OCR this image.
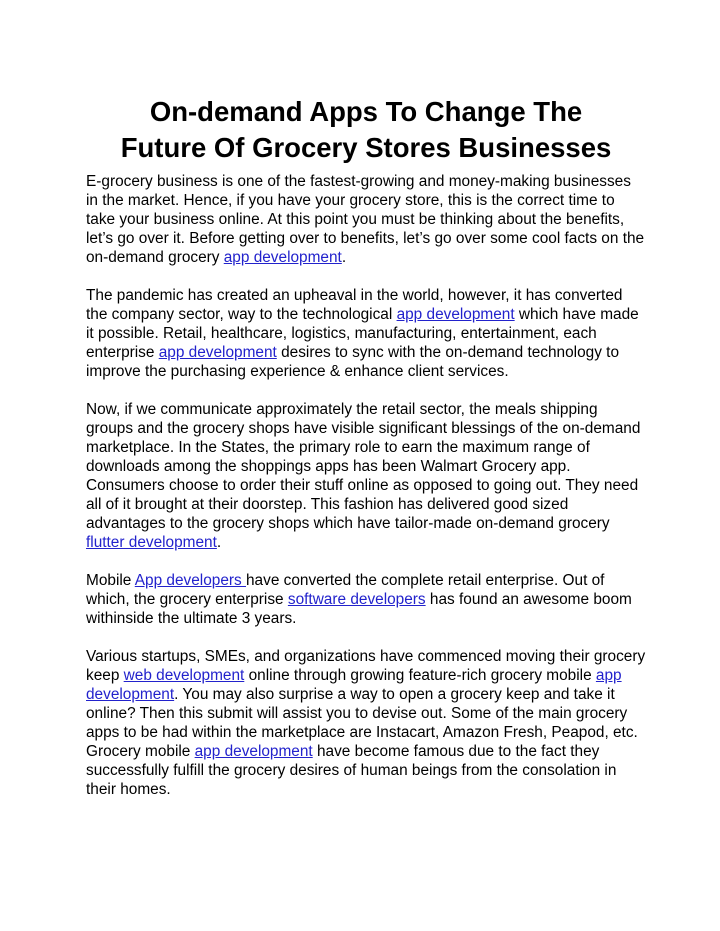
On-demand Apps To Change The
Future Of Grocery Stores Businesses

E-grocery business is one of the fastest-growing and money-making businesses in the market. Hence, if you have your grocery store, this is the correct time to take your business online. At this point you must be thinking about the benefits, let’s go over it. Before getting over to benefits, let’s go over some cool facts on the on-demand grocery app development.

The pandemic has created an upheaval in the world, however, it has converted the company sector, way to the technological app development which have made it possible. Retail, healthcare, logistics, manufacturing, entertainment, each enterprise app development desires to sync with the on-demand technology to improve the purchasing experience & enhance client services.

Now, if we communicate approximately the retail sector, the meals shipping groups and the grocery shops have visible significant blessings of the on-demand marketplace. In the States, the primary role to earn the maximum range of downloads among the shoppings apps has been Walmart Grocery app. Consumers choose to order their stuff online as opposed to going out. They need all of it brought at their doorstep. This fashion has delivered good sized advantages to the grocery shops which have tailor-made on-demand grocery flutter development.

Mobile App developers have converted the complete retail enterprise. Out of which, the grocery enterprise software developers has found an awesome boom withinside the ultimate 3 years.

Various startups, SMEs, and organizations have commenced moving their grocery keep web development online through growing feature-rich grocery mobile app development. You may also surprise a way to open a grocery keep and take it online? Then this submit will assist you to devise out. Some of the main grocery apps to be had within the marketplace are Instacart, Amazon Fresh, Peapod, etc. Grocery mobile app development have become famous due to the fact they successfully fulfill the grocery desires of human beings from the consolation in their homes.
